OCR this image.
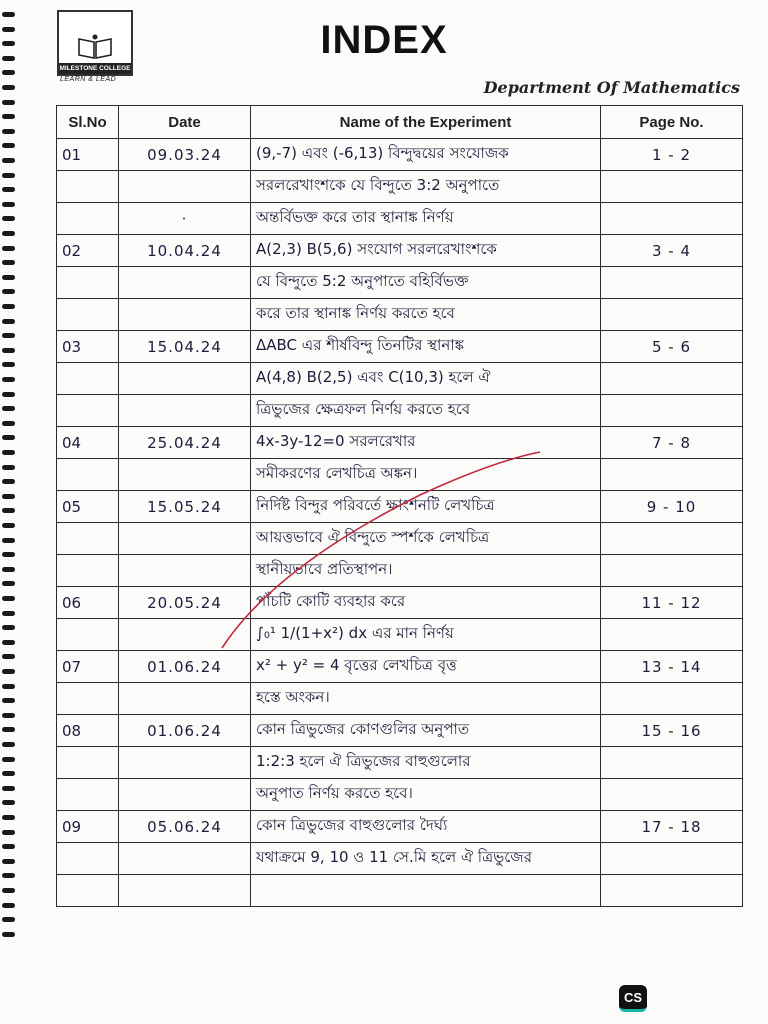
MILESTONE COLLEGE
LEARN & LEAD
INDEX
Department Of Mathematics
Sl.No	Date	Name of the Experiment	Page No.
01	09.03.24	(9,-7) এবং (-6,13) বিন্দুদ্বয়ের সংযোজক	1 - 2
		সরলরেখাংশকে যে বিন্দুতে 3:2 অনুপাতে	
	·	অন্তর্বিভক্ত করে তার স্থানাঙ্ক নির্ণয়	
02	10.04.24	A(2,3) B(5,6) সংযোগ সরলরেখাংশকে	3 - 4
		যে বিন্দুতে 5:2 অনুপাতে বহির্বিভক্ত	
		করে তার স্থানাঙ্ক নির্ণয় করতে হবে	
03	15.04.24	ΔABC এর শীর্ষবিন্দু তিনটির স্থানাঙ্ক	5 - 6
		A(4,8) B(2,5) এবং C(10,3) হলে ঐ	
		ত্রিভুজের ক্ষেত্রফল নির্ণয় করতে হবে	
04	25.04.24	4x-3y-12=0 সরলরেখার	7 - 8
		সমীকরণের লেখচিত্র অঙ্কন।	
05	15.05.24	নির্দিষ্ট বিন্দুর পরিবর্তে ক্ষাংশনটি লেখচিত্র	9 - 10
		আয়ত্তভাবে ঐ বিন্দুতে স্পর্শকে লেখচিত্র	
		স্থানীয়ভাবে প্রতিস্থাপন।	
06	20.05.24	পাঁচটি কোটি ব্যবহার করে	11 - 12
		∫₀¹ 1/(1+x²) dx এর মান নির্ণয়	
07	01.06.24	x² + y² = 4 বৃত্তের লেখচিত্র বৃত্ত	13 - 14
		হস্তে অংকন।	
08	01.06.24	কোন ত্রিভুজের কোণগুলির অনুপাত	15 - 16
		1:2:3 হলে ঐ ত্রিভুজের বাহুগুলোর	
		অনুপাত নির্ণয় করতে হবে।	
09	05.06.24	কোন ত্রিভুজের বাহুগুলোর দৈর্ঘ্য	17 - 18
		যথাক্রমে 9, 10 ও 11 সে.মি হলে ঐ ত্রিভুজের	

CS
